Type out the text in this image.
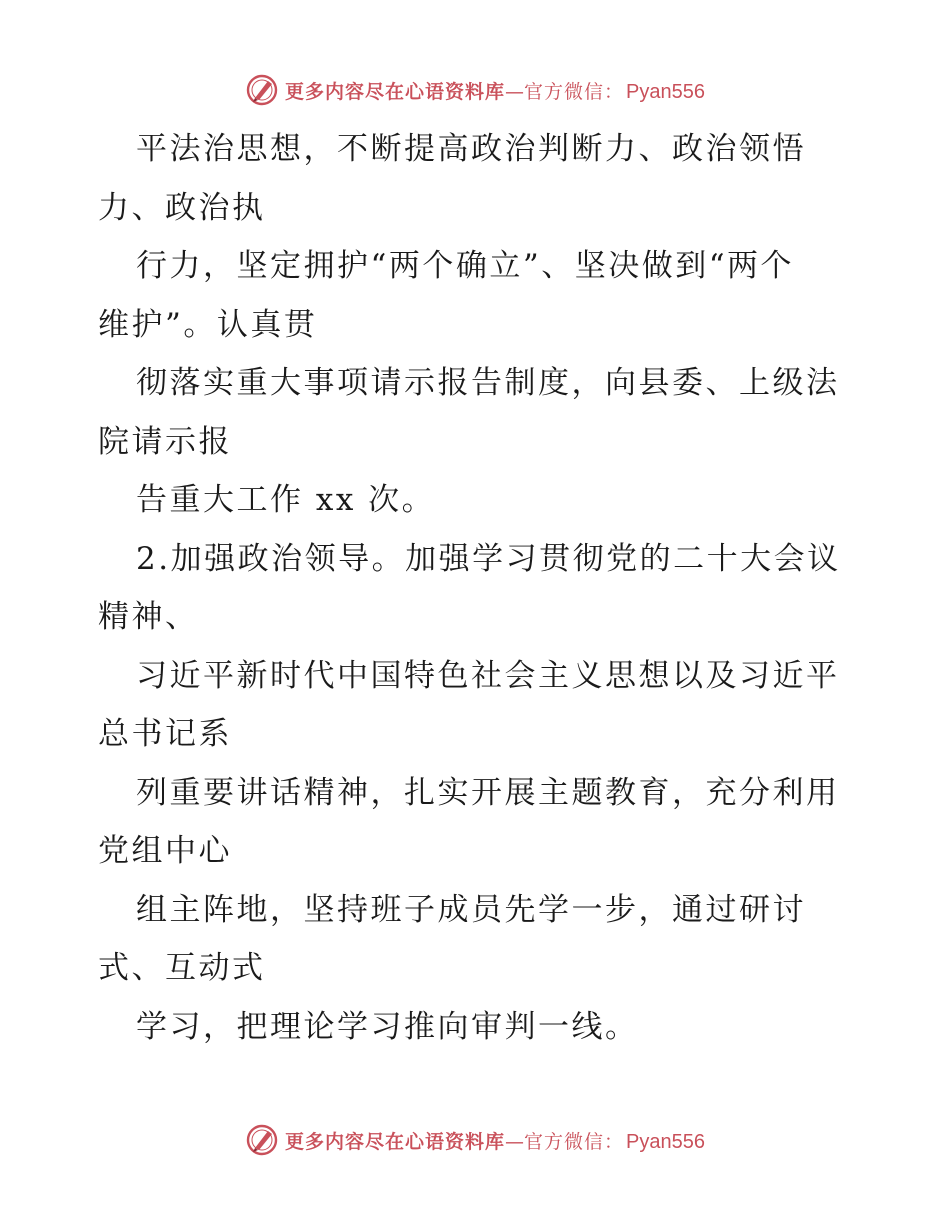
更多内容尽在心语资料库 — 官方微信： Pyan556
平法治思想，不断提高政治判断力、政治领悟
力、政治执
行力，坚定拥护“两个确立”、坚决做到“两个
维护”。认真贯
彻落实重大事项请示报告制度，向县委、上级法
院请示报
告重大工作 xx 次。
2.加强政治领导。加强学习贯彻党的二十大会议
精神、
习近平新时代中国特色社会主义思想以及习近平
总书记系
列重要讲话精神，扎实开展主题教育，充分利用
党组中心
组主阵地，坚持班子成员先学一步，通过研讨
式、互动式
学习，把理论学习推向审判一线。
更多内容尽在心语资料库 — 官方微信： Pyan556
